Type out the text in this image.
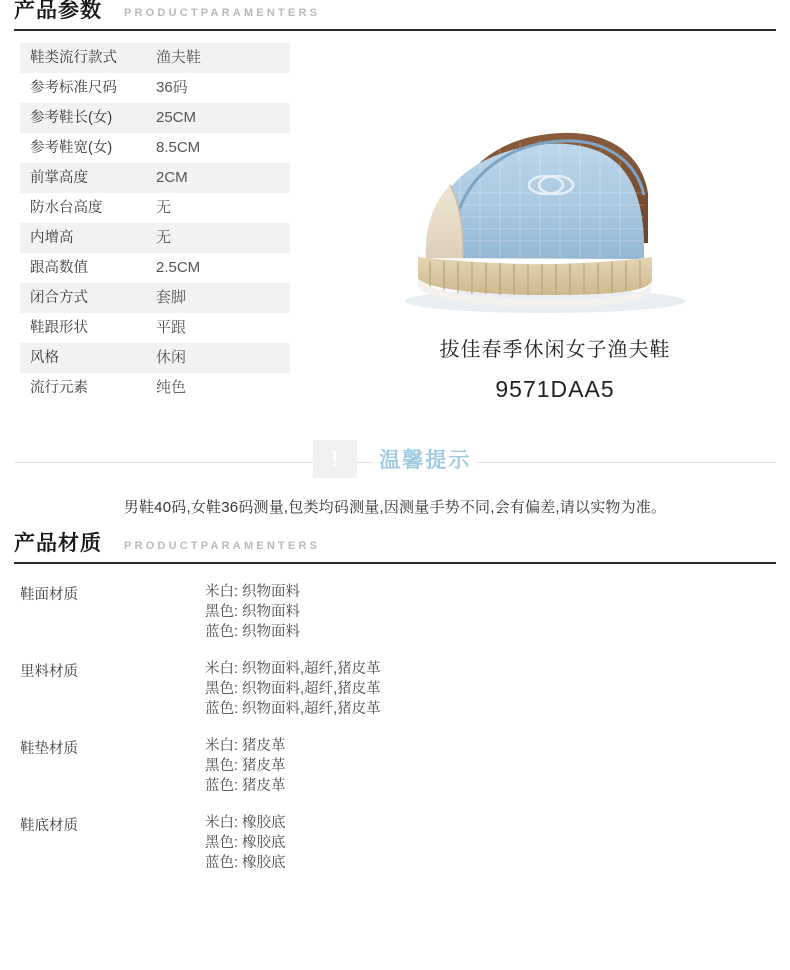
产品参数 PRODUCTPARAMENTERS
鞋类流行款式	渔夫鞋
参考标准尺码	36码
参考鞋长(女)	25CM
参考鞋宽(女)	8.5CM
前掌高度	2CM
防水台高度	无
内增高	无
跟高数值	2.5CM
闭合方式	套脚
鞋跟形状	平跟
风格	休闲
流行元素	纯色
拔佳春季休闲女子渔夫鞋
9571DAA5
! 温馨提示
男鞋40码,女鞋36码测量,包类均码测量,因测量手势不同,会有偏差,请以实物为准。
产品材质 PRODUCTPARAMENTERS
鞋面材质	米白: 织物面料
黑色: 织物面料
蓝色: 织物面料
里料材质	米白: 织物面料,超纤,猪皮革
黑色: 织物面料,超纤,猪皮革
蓝色: 织物面料,超纤,猪皮革
鞋垫材质	米白: 猪皮革
黑色: 猪皮革
蓝色: 猪皮革
鞋底材质	米白: 橡胶底
黑色: 橡胶底
蓝色: 橡胶底
